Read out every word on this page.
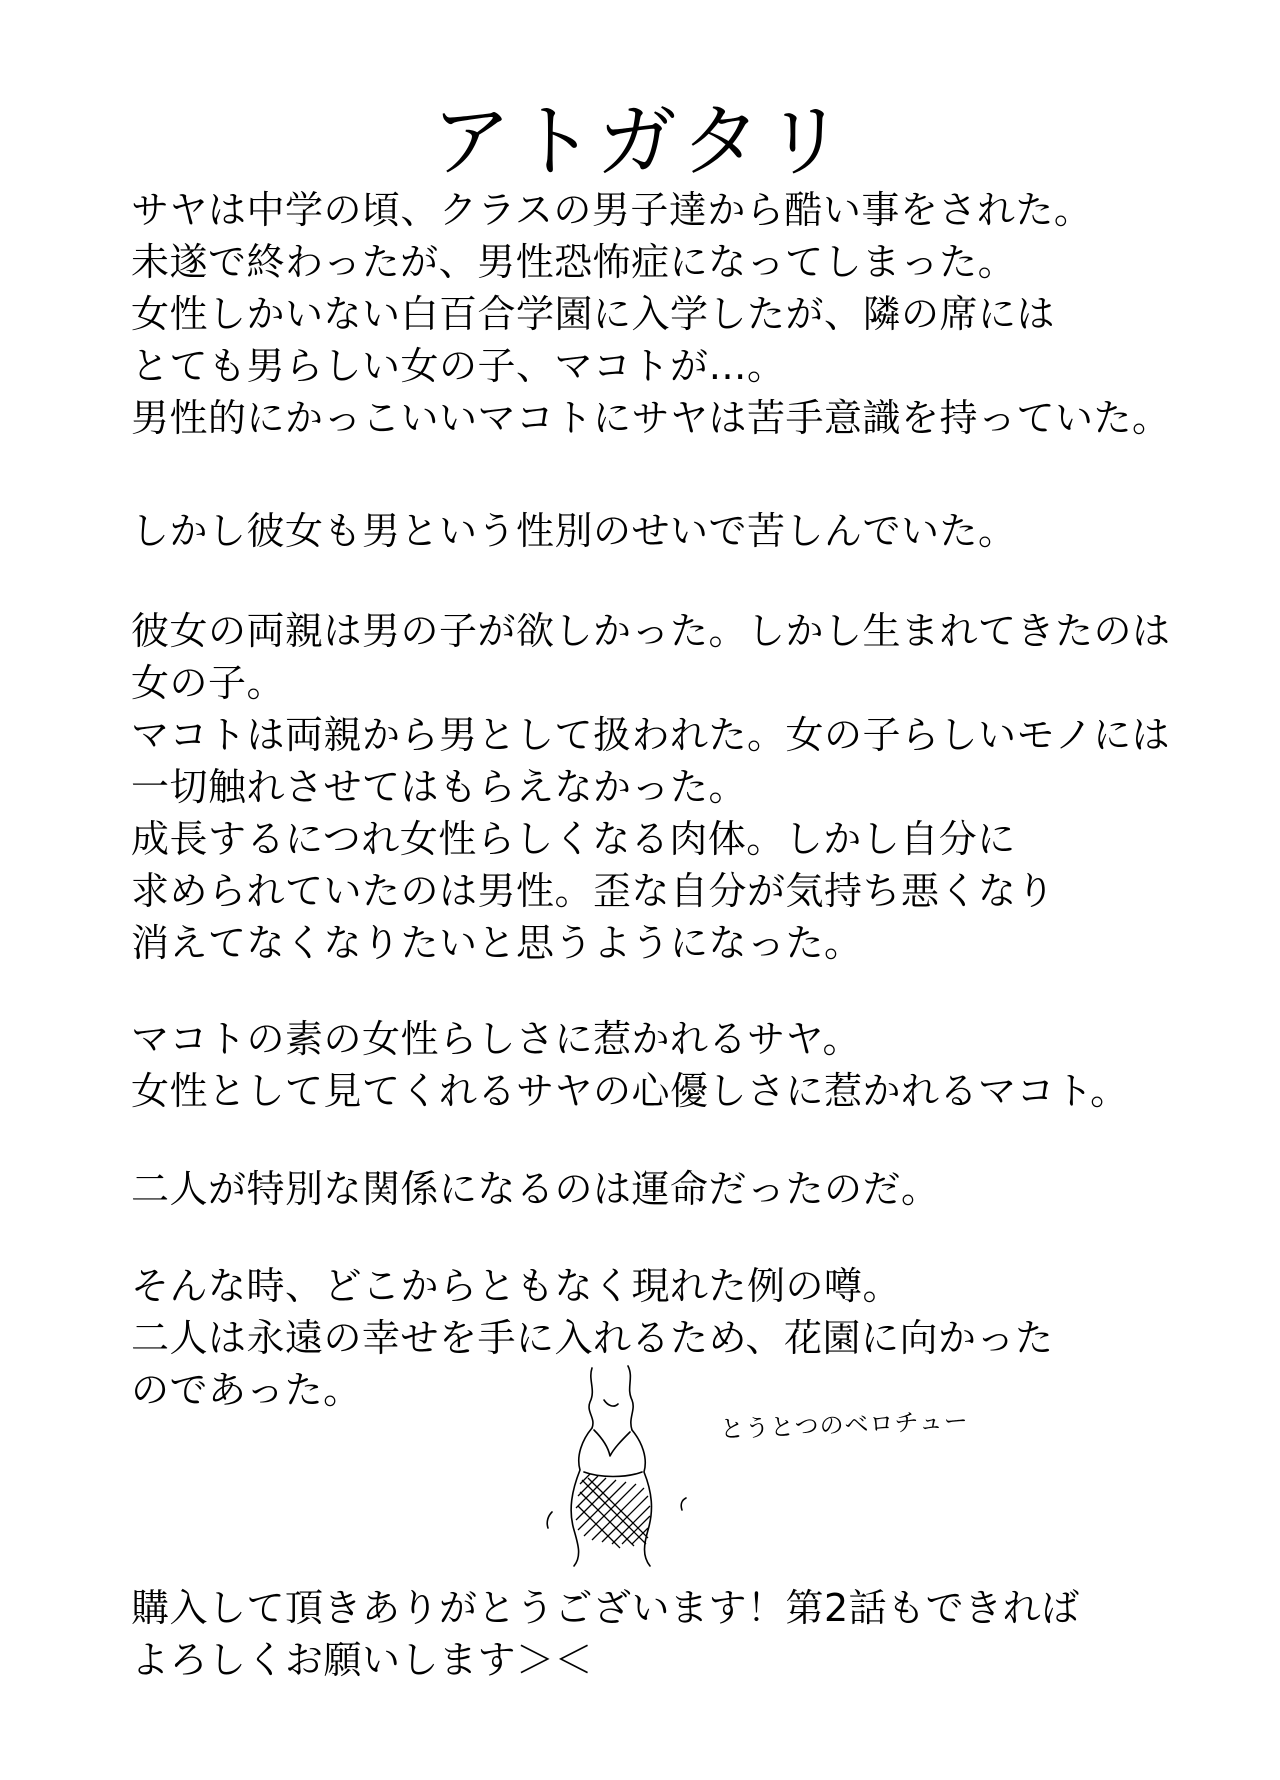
アトガタリ
サヤは中学の頃、クラスの男子達から酷い事をされた。
未遂で終わったが、男性恐怖症になってしまった。
女性しかいない白百合学園に入学したが、隣の席には
とても男らしい女の子、マコトが…。
男性的にかっこいいマコトにサヤは苦手意識を持っていた。
しかし彼女も男という性別のせいで苦しんでいた。
彼女の両親は男の子が欲しかった。しかし生まれてきたのは
女の子。
マコトは両親から男として扱われた。女の子らしいモノには
一切触れさせてはもらえなかった。
成長するにつれ女性らしくなる肉体。しかし自分に
求められていたのは男性。歪な自分が気持ち悪くなり
消えてなくなりたいと思うようになった。
マコトの素の女性らしさに惹かれるサヤ。
女性として見てくれるサヤの心優しさに惹かれるマコト。
二人が特別な関係になるのは運命だったのだ。
そんな時、どこからともなく現れた例の噂。
二人は永遠の幸せを手に入れるため、花園に向かった
のであった。
とうとつのベロチュー
購入して頂きありがとうございます！第2話もできれば
よろしくお願いします＞＜
